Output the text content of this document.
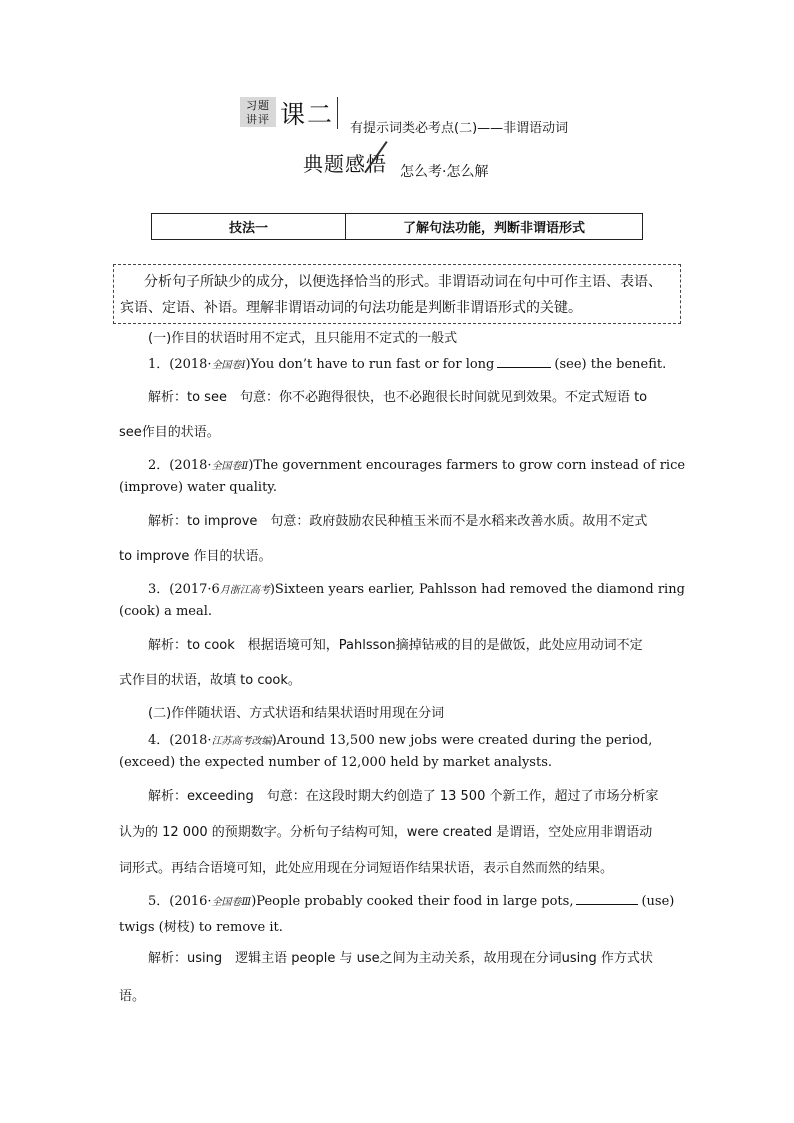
习题
讲评 课二 有提示词类必考点(二)——非谓语动词
典题感悟 怎么考·怎么解
技法一	了解句法功能，判断非谓语形式
分析句子所缺少的成分，以便选择恰当的形式。非谓语动词在句中可作主语、表语、
宾语、定语、补语。理解非谓语动词的句法功能是判断非谓语形式的关键。
(一)作目的状语时用不定式，且只能用不定式的一般式
1．(2018·全国卷Ⅰ)You don’t have to run fast or for long	(see) the benefit.
解析：to see　句意：你不必跑得很快，也不必跑很长时间就见到效果。不定式短语 to
see作目的状语。
2．(2018·全国卷Ⅱ)The government encourages farmers to grow corn instead of rice
(improve) water quality.
解析：to improve　句意：政府鼓励农民种植玉米而不是水稻来改善水质。故用不定式
to improve 作目的状语。
3．(2017·6月浙江高考)Sixteen years earlier, Pahlsson had removed the diamond ring
(cook) a meal.
解析：to cook　根据语境可知，Pahlsson摘掉钻戒的目的是做饭，此处应用动词不定
式作目的状语，故填 to cook。
(二)作伴随状语、方式状语和结果状语时用现在分词
4．(2018·江苏高考改编)Around 13,500 new jobs were created during the period,
(exceed) the expected number of 12,000 held by market analysts.
解析：exceeding　句意：在这段时期大约创造了 13 500 个新工作，超过了市场分析家
认为的 12 000 的预期数字。分析句子结构可知，were created 是谓语，空处应用非谓语动
词形式。再结合语境可知，此处应用现在分词短语作结果状语，表示自然而然的结果。
5．(2016·全国卷Ⅲ)People probably cooked their food in large pots,	(use)
twigs (树枝) to remove it.
解析：using　逻辑主语 people 与 use之间为主动关系，故用现在分词using 作方式状
语。
